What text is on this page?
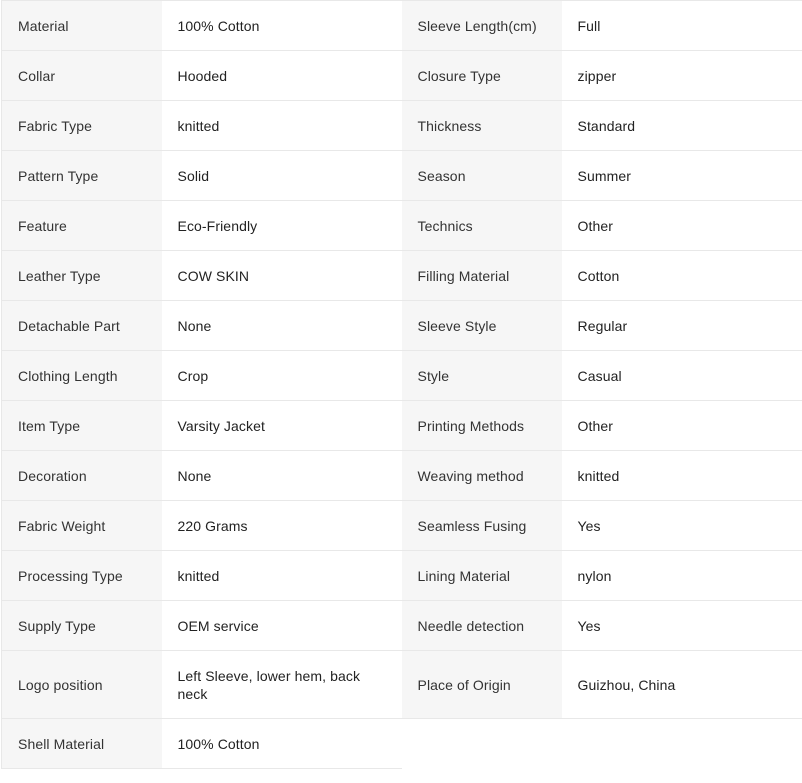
Material	100% Cotton	Sleeve Length(cm)	Full
Collar	Hooded	Closure Type	zipper
Fabric Type	knitted	Thickness	Standard
Pattern Type	Solid	Season	Summer
Feature	Eco-Friendly	Technics	Other
Leather Type	COW SKIN	Filling Material	Cotton
Detachable Part	None	Sleeve Style	Regular
Clothing Length	Crop	Style	Casual
Item Type	Varsity Jacket	Printing Methods	Other
Decoration	None	Weaving method	knitted
Fabric Weight	220 Grams	Seamless Fusing	Yes
Processing Type	knitted	Lining Material	nylon
Supply Type	OEM service	Needle detection	Yes
Logo position	Left Sleeve, lower hem, back neck	Place of Origin	Guizhou, China
Shell Material	100% Cotton		
